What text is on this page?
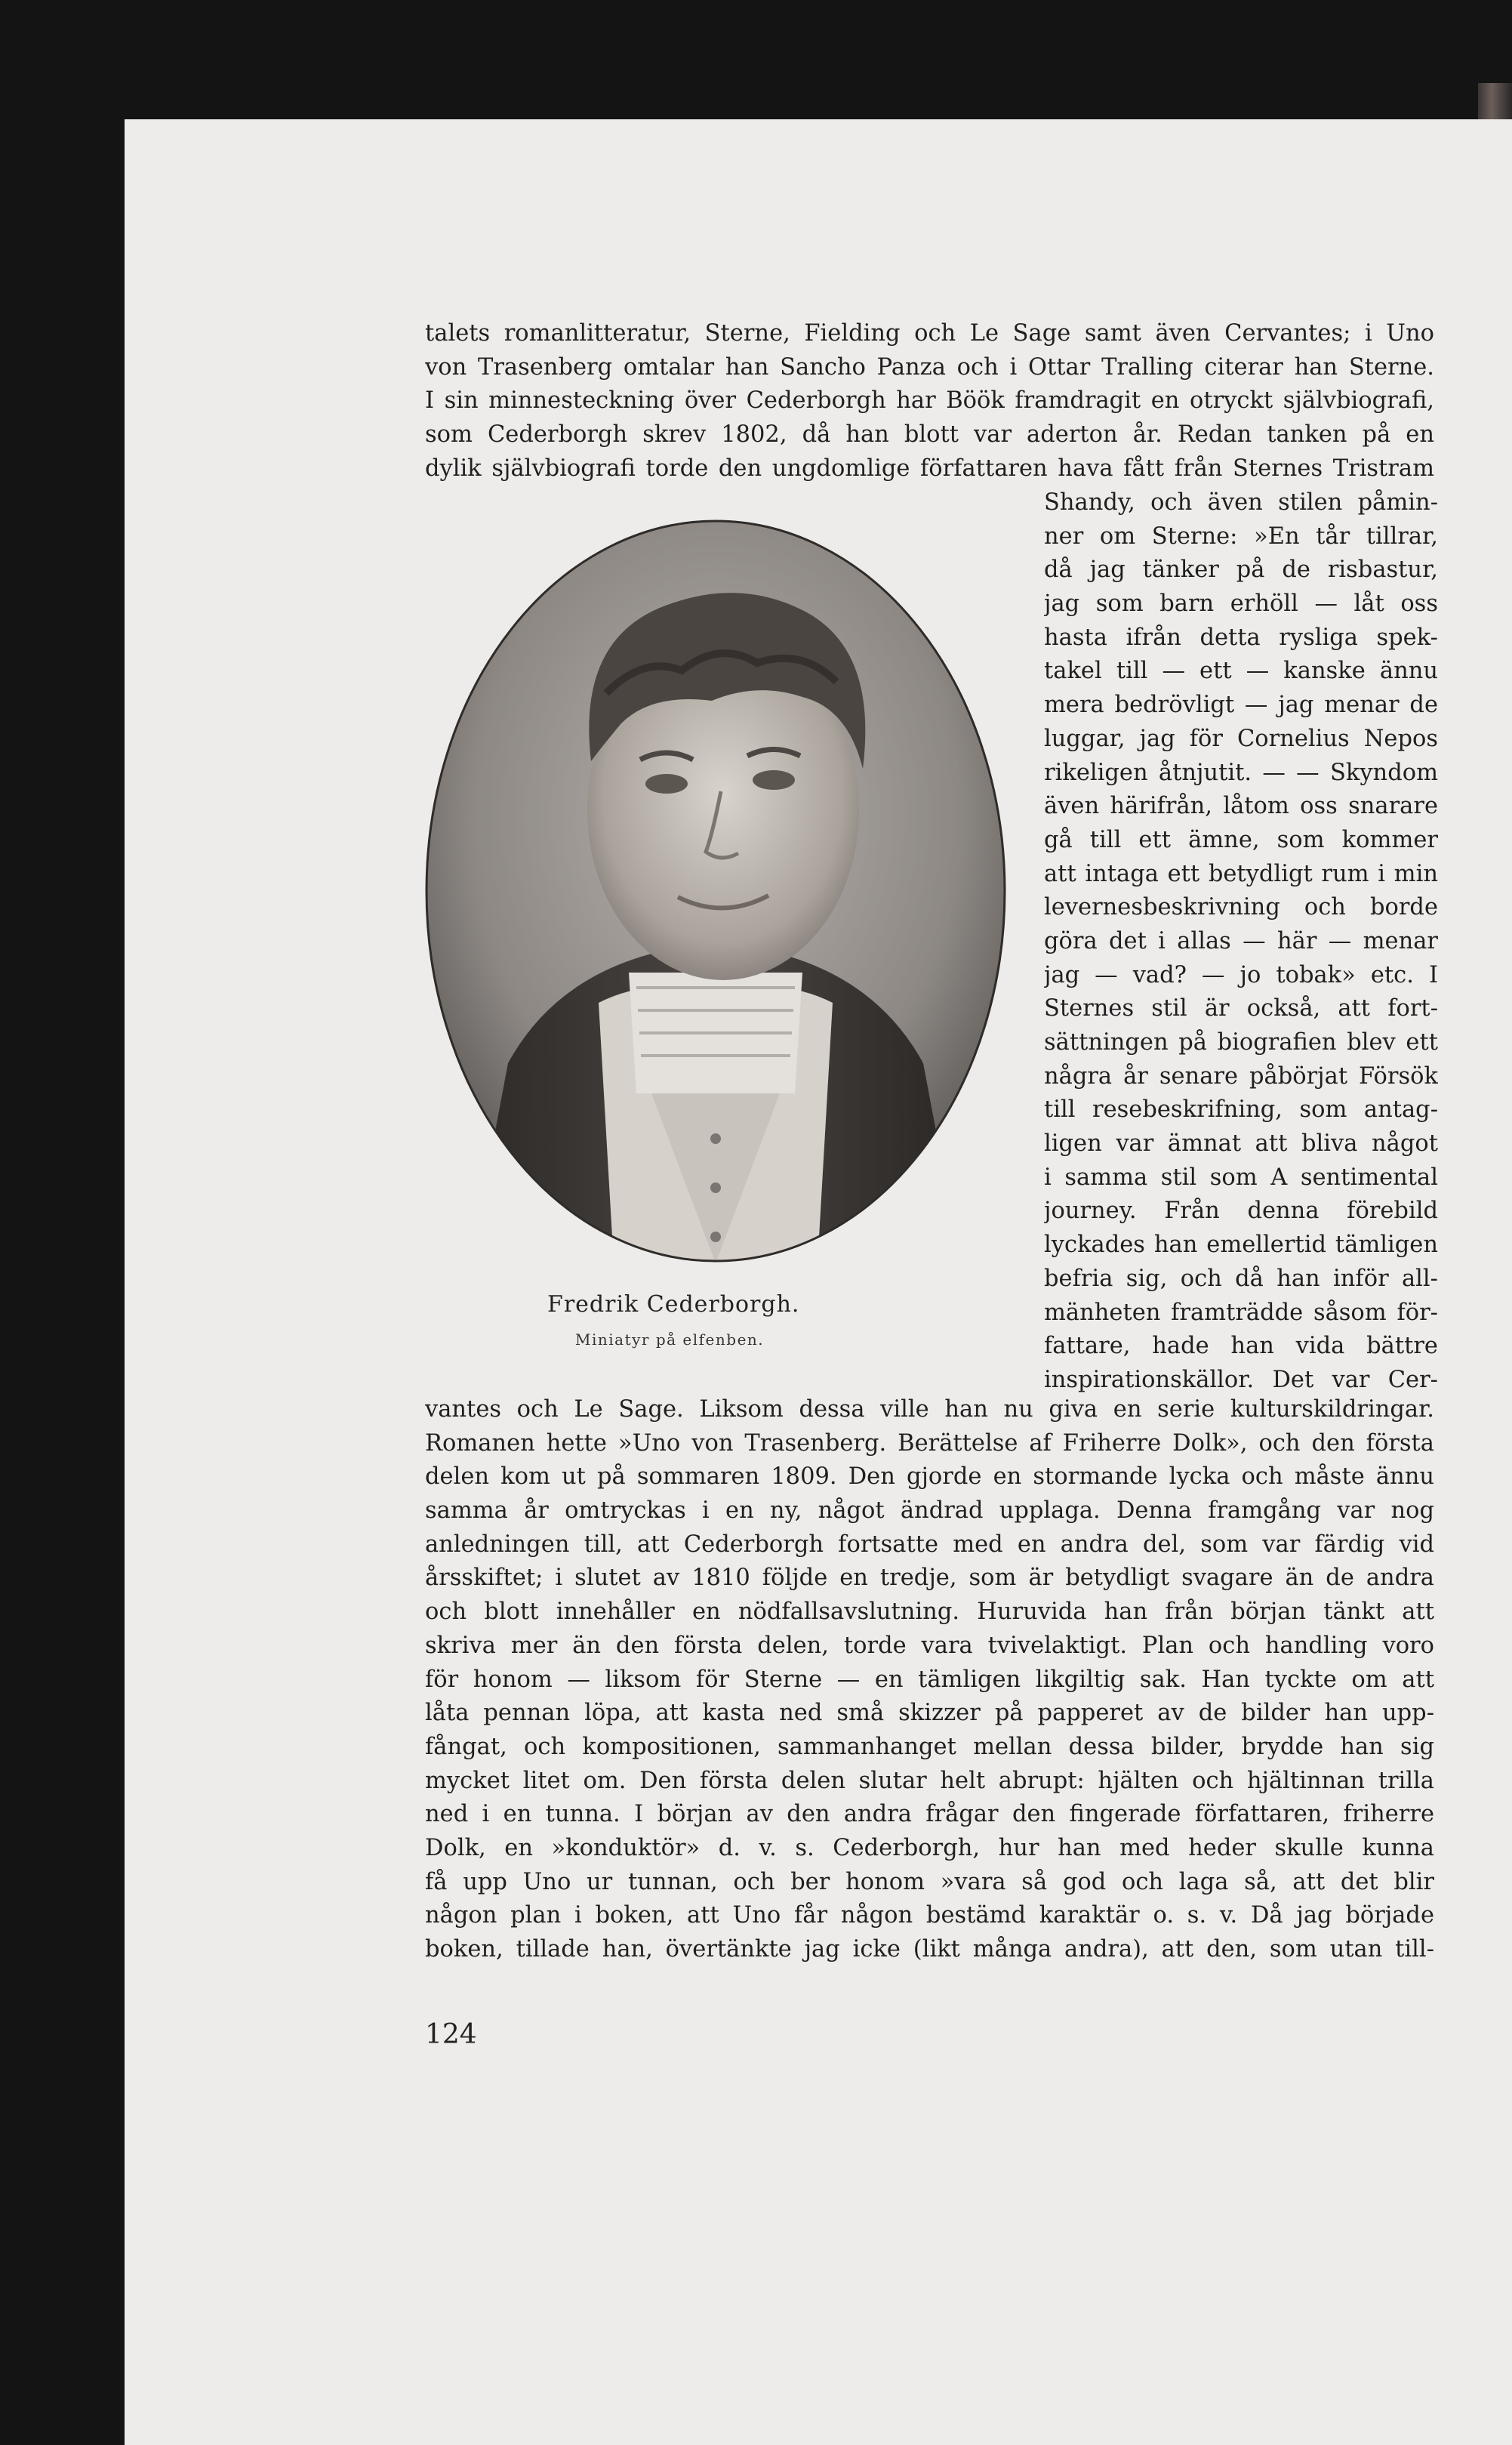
talets romanlitteratur, Sterne, Fielding och Le Sage samt även Cervantes; i Uno
von Trasenberg omtalar han Sancho Panza och i Ottar Tralling citerar han Sterne.
I sin minnesteckning över Cederborgh har Böök framdragit en otryckt självbiografi,
som Cederborgh skrev 1802, då han blott var aderton år. Redan tanken på en
dylik självbiografi torde den ungdomlige författaren hava fått från Sternes Tristram
Shandy, och även stilen påmin-
ner om Sterne: »En tår tillrar,
då jag tänker på de risbastur,
jag som barn erhöll — låt oss
hasta ifrån detta rysliga spek-
takel till — ett — kanske ännu
mera bedrövligt — jag menar de
luggar, jag för Cornelius Nepos
rikeligen åtnjutit. — — Skyndom
även härifrån, låtom oss snarare
gå till ett ämne, som kommer
att intaga ett betydligt rum i min
levernesbeskrivning och borde
göra det i allas — här — menar
jag — vad? — jo tobak» etc. I
Sternes stil är också, att fort-
sättningen på biografien blev ett
några år senare påbörjat Försök
till resebeskrifning, som antag-
ligen var ämnat att bliva något
i samma stil som A sentimental
journey. Från denna förebild
lyckades han emellertid tämligen
befria sig, och då han inför all-
mänheten framträdde såsom för-
fattare, hade han vida bättre
inspirationskällor. Det var Cer-
Fredrik Cederborgh.
Miniatyr på elfenben.
vantes och Le Sage. Liksom dessa ville han nu giva en serie kulturskildringar.
Romanen hette »Uno von Trasenberg. Berättelse af Friherre Dolk», och den första
delen kom ut på sommaren 1809. Den gjorde en stormande lycka och måste ännu
samma år omtryckas i en ny, något ändrad upplaga. Denna framgång var nog
anledningen till, att Cederborgh fortsatte med en andra del, som var färdig vid
årsskiftet; i slutet av 1810 följde en tredje, som är betydligt svagare än de andra
och blott innehåller en nödfallsavslutning. Huruvida han från början tänkt att
skriva mer än den första delen, torde vara tvivelaktigt. Plan och handling voro
för honom — liksom för Sterne — en tämligen likgiltig sak. Han tyckte om att
låta pennan löpa, att kasta ned små skizzer på papperet av de bilder han upp-
fångat, och kompositionen, sammanhanget mellan dessa bilder, brydde han sig
mycket litet om. Den första delen slutar helt abrupt: hjälten och hjältinnan trilla
ned i en tunna. I början av den andra frågar den fingerade författaren, friherre
Dolk, en »konduktör» d. v. s. Cederborgh, hur han med heder skulle kunna
få upp Uno ur tunnan, och ber honom »vara så god och laga så, att det blir
någon plan i boken, att Uno får någon bestämd karaktär o. s. v. Då jag började
boken, tillade han, övertänkte jag icke (likt många andra), att den, som utan till-
124
